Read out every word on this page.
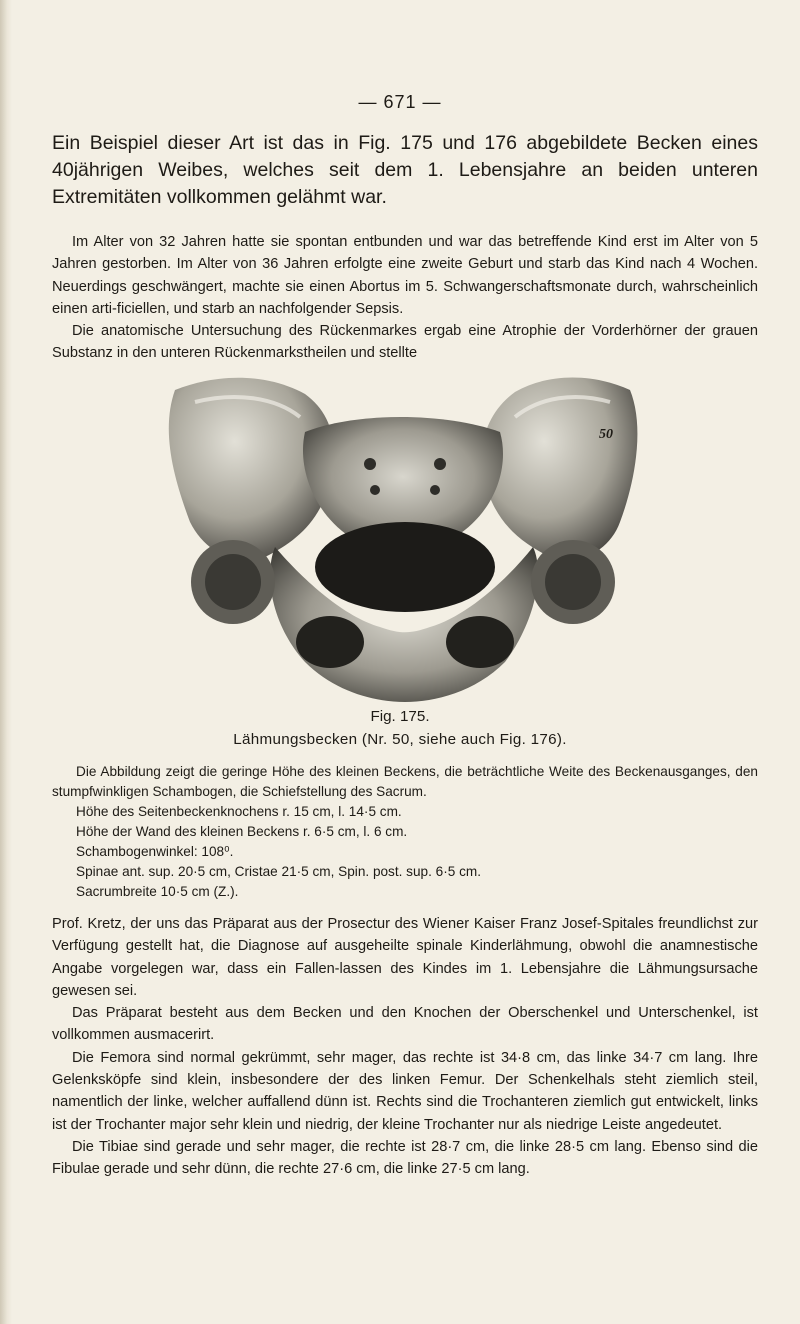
— 671 —
Ein Beispiel dieser Art ist das in Fig. 175 und 176 abgebildete Becken eines 40jährigen Weibes, welches seit dem 1. Lebensjahre an beiden unteren Extremitäten vollkommen gelähmt war.

Im Alter von 32 Jahren hatte sie spontan entbunden und war das betreffende Kind erst im Alter von 5 Jahren gestorben. Im Alter von 36 Jahren erfolgte eine zweite Geburt und starb das Kind nach 4 Wochen. Neuerdings geschwängert, machte sie einen Abortus im 5. Schwangerschaftsmonate durch, wahrscheinlich einen arti-ficiellen, und starb an nachfolgender Sepsis.

Die anatomische Untersuchung des Rückenmarkes ergab eine Atrophie der Vorderhörner der grauen Substanz in den unteren Rückenmarkstheilen und stellte

50
Fig. 175.
Lähmungsbecken (Nr. 50, siehe auch Fig. 176).

Die Abbildung zeigt die geringe Höhe des kleinen Beckens, die beträchtliche Weite des Beckenausganges, den stumpfwinkligen Schambogen, die Schiefstellung des Sacrum.

Höhe des Seitenbeckenknochens r. 15 cm, l. 14·5 cm.

Höhe der Wand des kleinen Beckens r. 6·5 cm, l. 6 cm.

Schambogenwinkel: 108⁰.

Spinae ant. sup. 20·5 cm, Cristae 21·5 cm, Spin. post. sup. 6·5 cm.

Sacrumbreite 10·5 cm (Z.).

Prof. Kretz, der uns das Präparat aus der Prosectur des Wiener Kaiser Franz Josef-Spitales freundlichst zur Verfügung gestellt hat, die Diagnose auf ausgeheilte spinale Kinderlähmung, obwohl die anamnestische Angabe vorgelegen war, dass ein Fallen-lassen des Kindes im 1. Lebensjahre die Lähmungsursache gewesen sei.

Das Präparat besteht aus dem Becken und den Knochen der Oberschenkel und Unterschenkel, ist vollkommen ausmacerirt.

Die Femora sind normal gekrümmt, sehr mager, das rechte ist 34·8 cm, das linke 34·7 cm lang. Ihre Gelenksköpfe sind klein, insbesondere der des linken Femur. Der Schenkelhals steht ziemlich steil, namentlich der linke, welcher auffallend dünn ist. Rechts sind die Trochanteren ziemlich gut entwickelt, links ist der Trochanter major sehr klein und niedrig, der kleine Trochanter nur als niedrige Leiste angedeutet.

Die Tibiae sind gerade und sehr mager, die rechte ist 28·7 cm, die linke 28·5 cm lang. Ebenso sind die Fibulae gerade und sehr dünn, die rechte 27·6 cm, die linke 27·5 cm lang.
